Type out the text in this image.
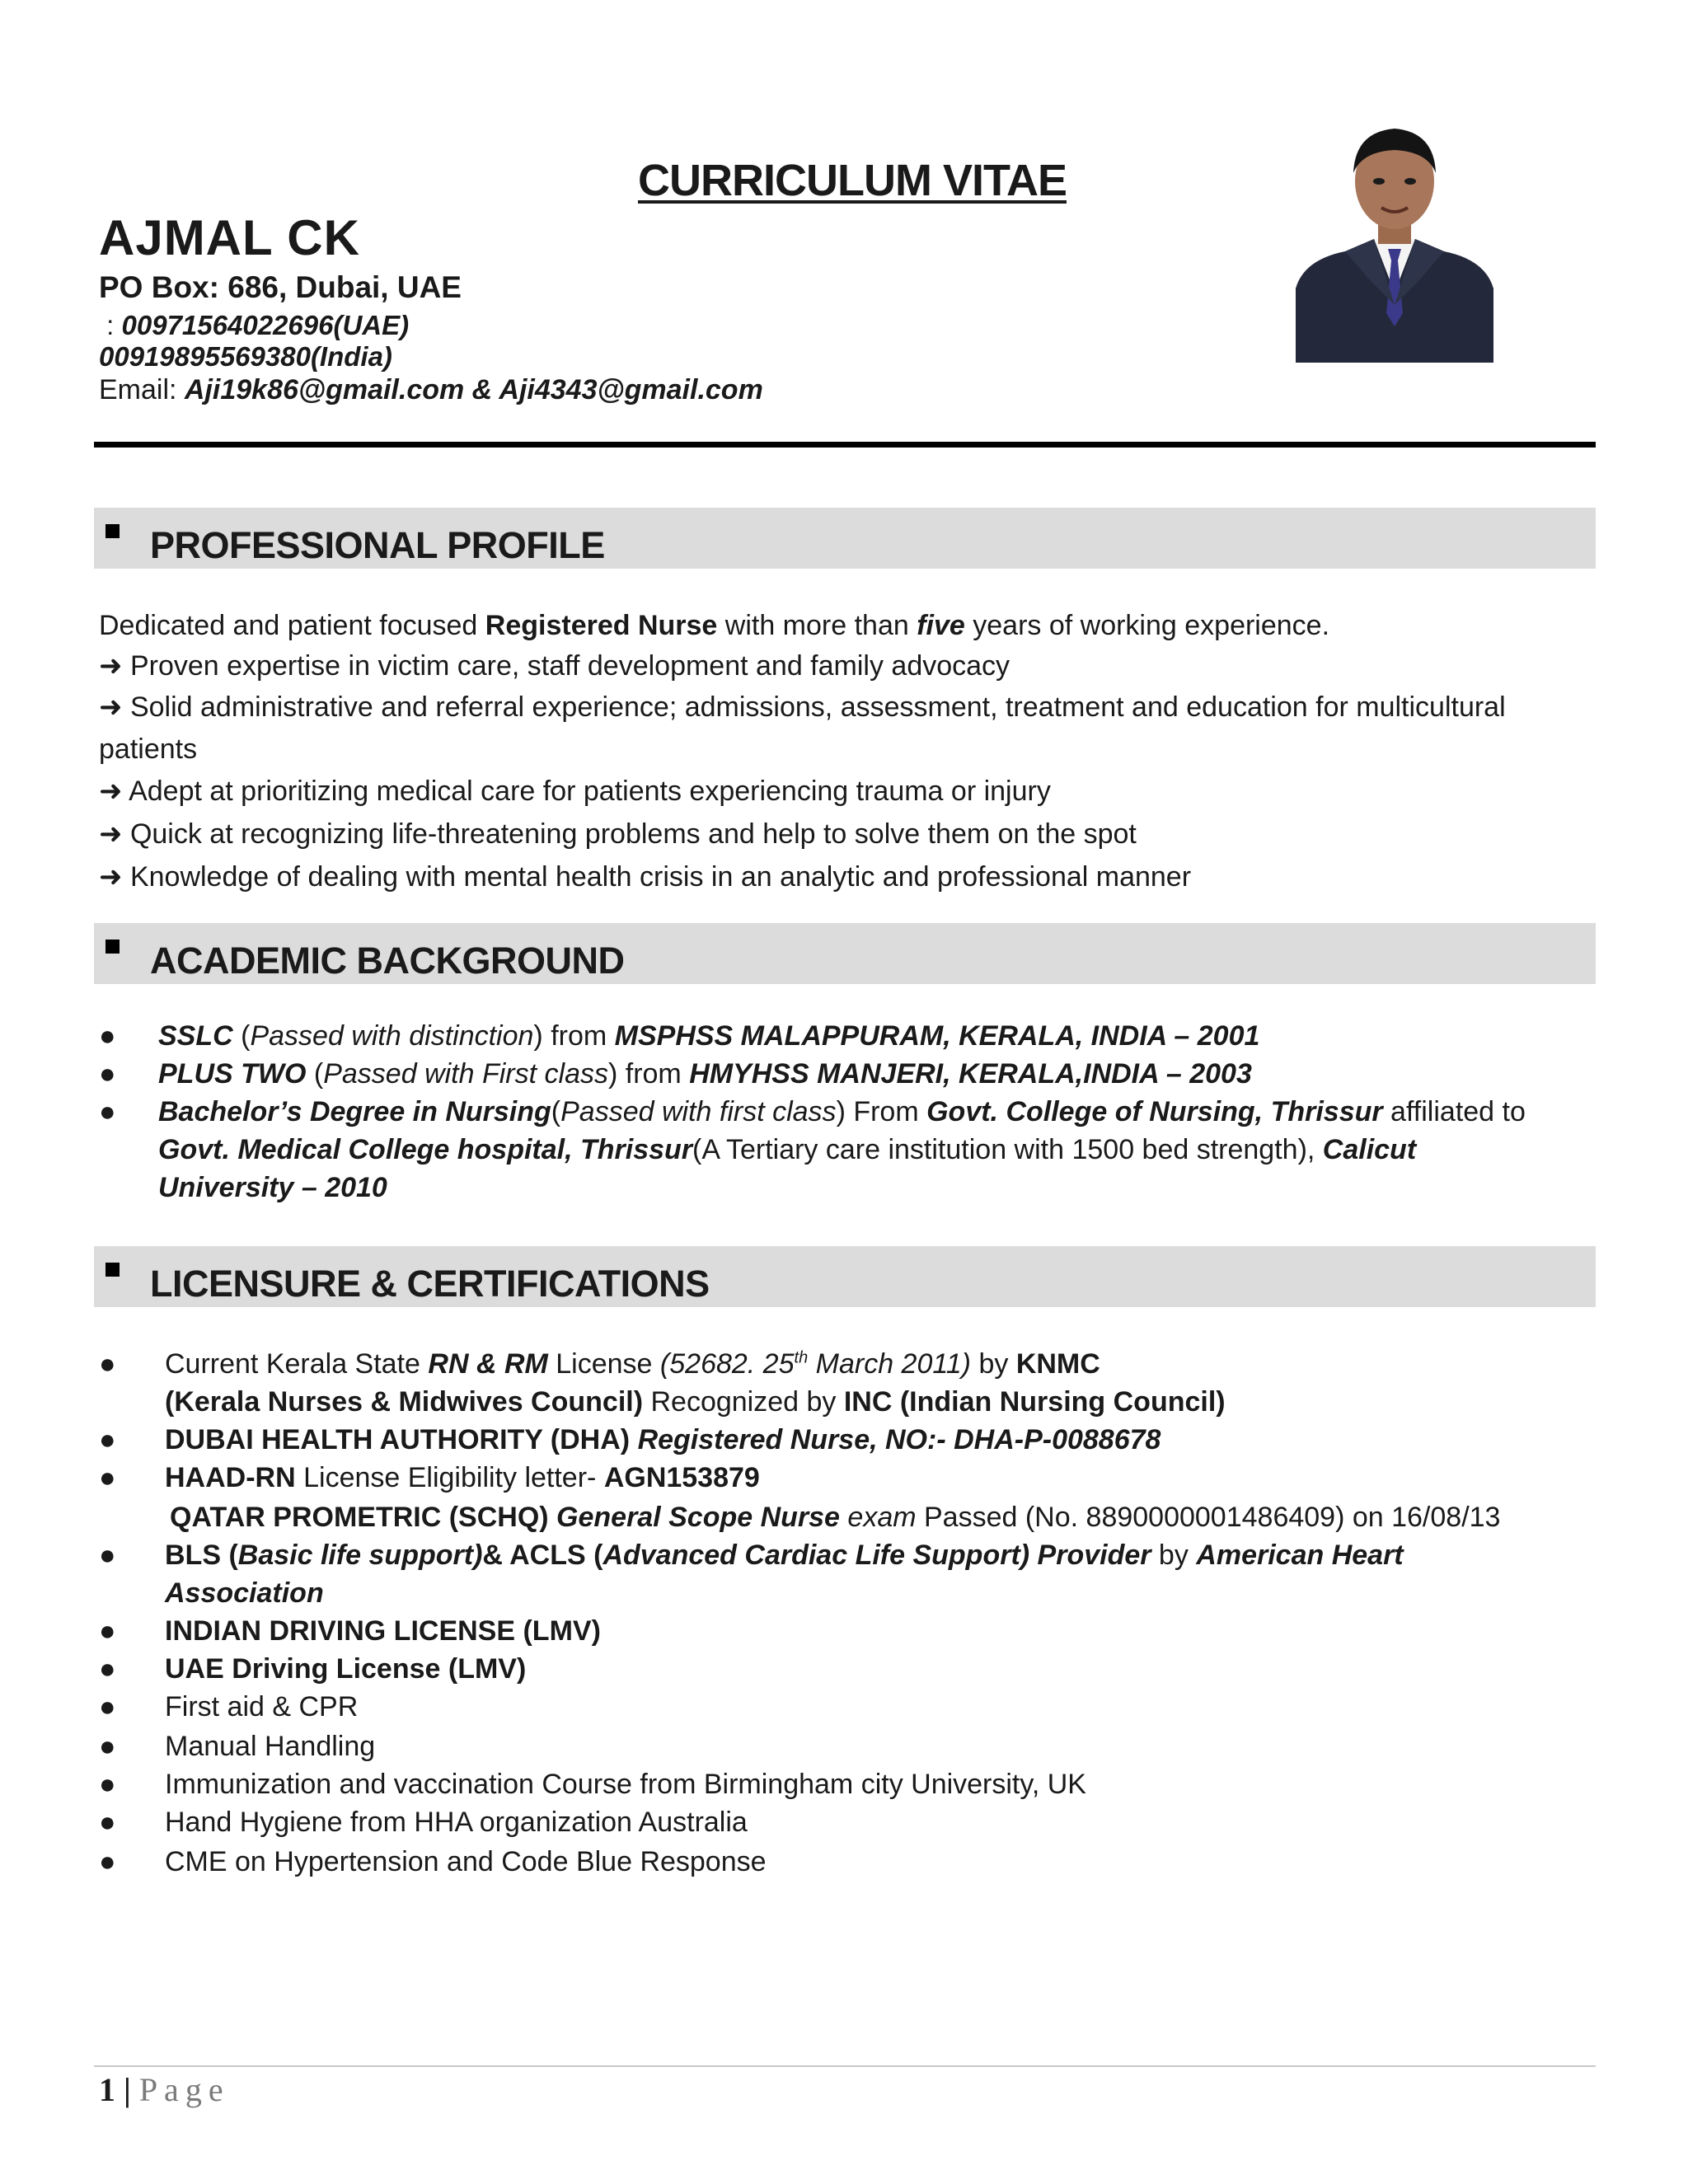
CURRICULUM VITAE
AJMAL CK
PO Box: 686, Dubai, UAE
: 00971564022696(UAE)
00919895569380(India)
Email: Aji19k86@gmail.com & Aji4343@gmail.com
PROFESSIONAL PROFILE
Dedicated and patient focused Registered Nurse with more than five years of working experience.
➜ Proven expertise in victim care, staff development and family advocacy
➜ Solid administrative and referral experience; admissions, assessment, treatment and education for multicultural
patients
➜ Adept at prioritizing medical care for patients experiencing trauma or injury
➜ Quick at recognizing life-threatening problems and help to solve them on the spot
➜ Knowledge of dealing with mental health crisis in an analytic and professional manner
ACADEMIC BACKGROUND
● SSLC (Passed with distinction) from MSPHSS MALAPPURAM, KERALA, INDIA – 2001
● PLUS TWO (Passed with First class) from HMYHSS MANJERI, KERALA,INDIA – 2003
● Bachelor’s Degree in Nursing(Passed with first class) From Govt. College of Nursing, Thrissur affiliated to
Govt. Medical College hospital, Thrissur(A Tertiary care institution with 1500 bed strength), Calicut
University – 2010
LICENSURE & CERTIFICATIONS
● Current Kerala State RN & RM License (52682. 25th March 2011) by KNMC
(Kerala Nurses & Midwives Council) Recognized by INC (Indian Nursing Council)
● DUBAI HEALTH AUTHORITY (DHA) Registered Nurse, NO:- DHA-P-0088678
● HAAD-RN License Eligibility letter- AGN153879
QATAR PROMETRIC (SCHQ) General Scope Nurse exam Passed (No. 8890000001486409) on 16/08/13
● BLS (Basic life support)& ACLS (Advanced Cardiac Life Support) Provider by American Heart
Association
● INDIAN DRIVING LICENSE (LMV)
● UAE Driving License (LMV)
● First aid & CPR
● Manual Handling
● Immunization and vaccination Course from Birmingham city University, UK
● Hand Hygiene from HHA organization Australia
● CME on Hypertension and Code Blue Response
1 | Page
